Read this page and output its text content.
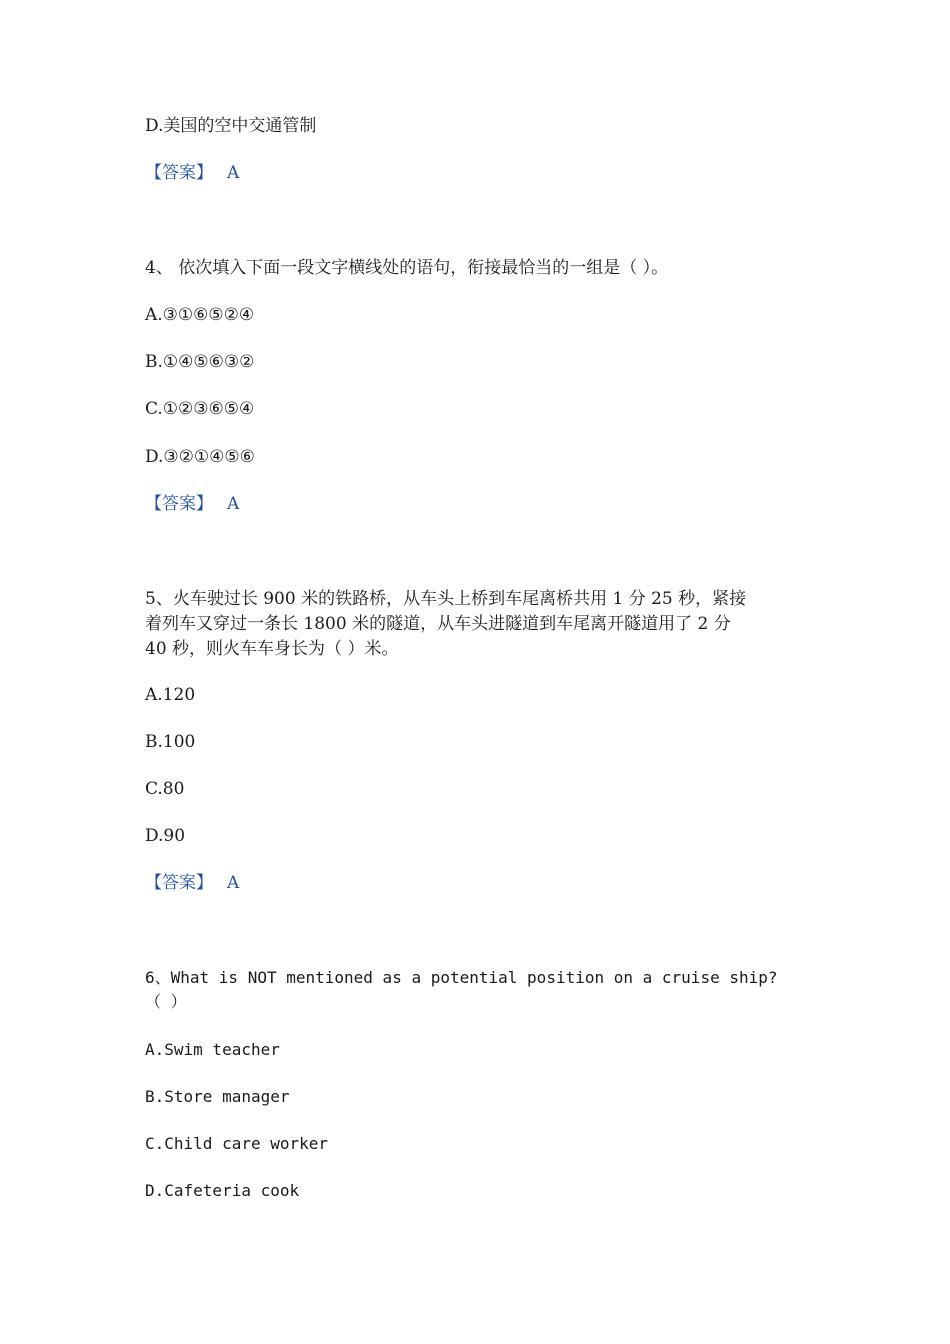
D.美国的空中交通管制
【答案】 A
4、 依次填入下面一段文字横线处的语句，衔接最恰当的一组是（ ）。
A.③①⑥⑤②④
B.①④⑤⑥③②
C.①②③⑥⑤④
D.③②①④⑤⑥
【答案】 A
5、火车驶过长 900 米的铁路桥，从车头上桥到车尾离桥共用 1 分 25 秒，紧接
着列车又穿过一条长 1800 米的隧道，从车头进隧道到车尾离开隧道用了 2 分
40 秒，则火车车身长为（ ）米。
A.120
B.100
C.80
D.90
【答案】 A
6、What is NOT mentioned as a potential position on a cruise ship?
（ ）
A.Swim teacher
B.Store manager
C.Child care worker
D.Cafeteria cook
